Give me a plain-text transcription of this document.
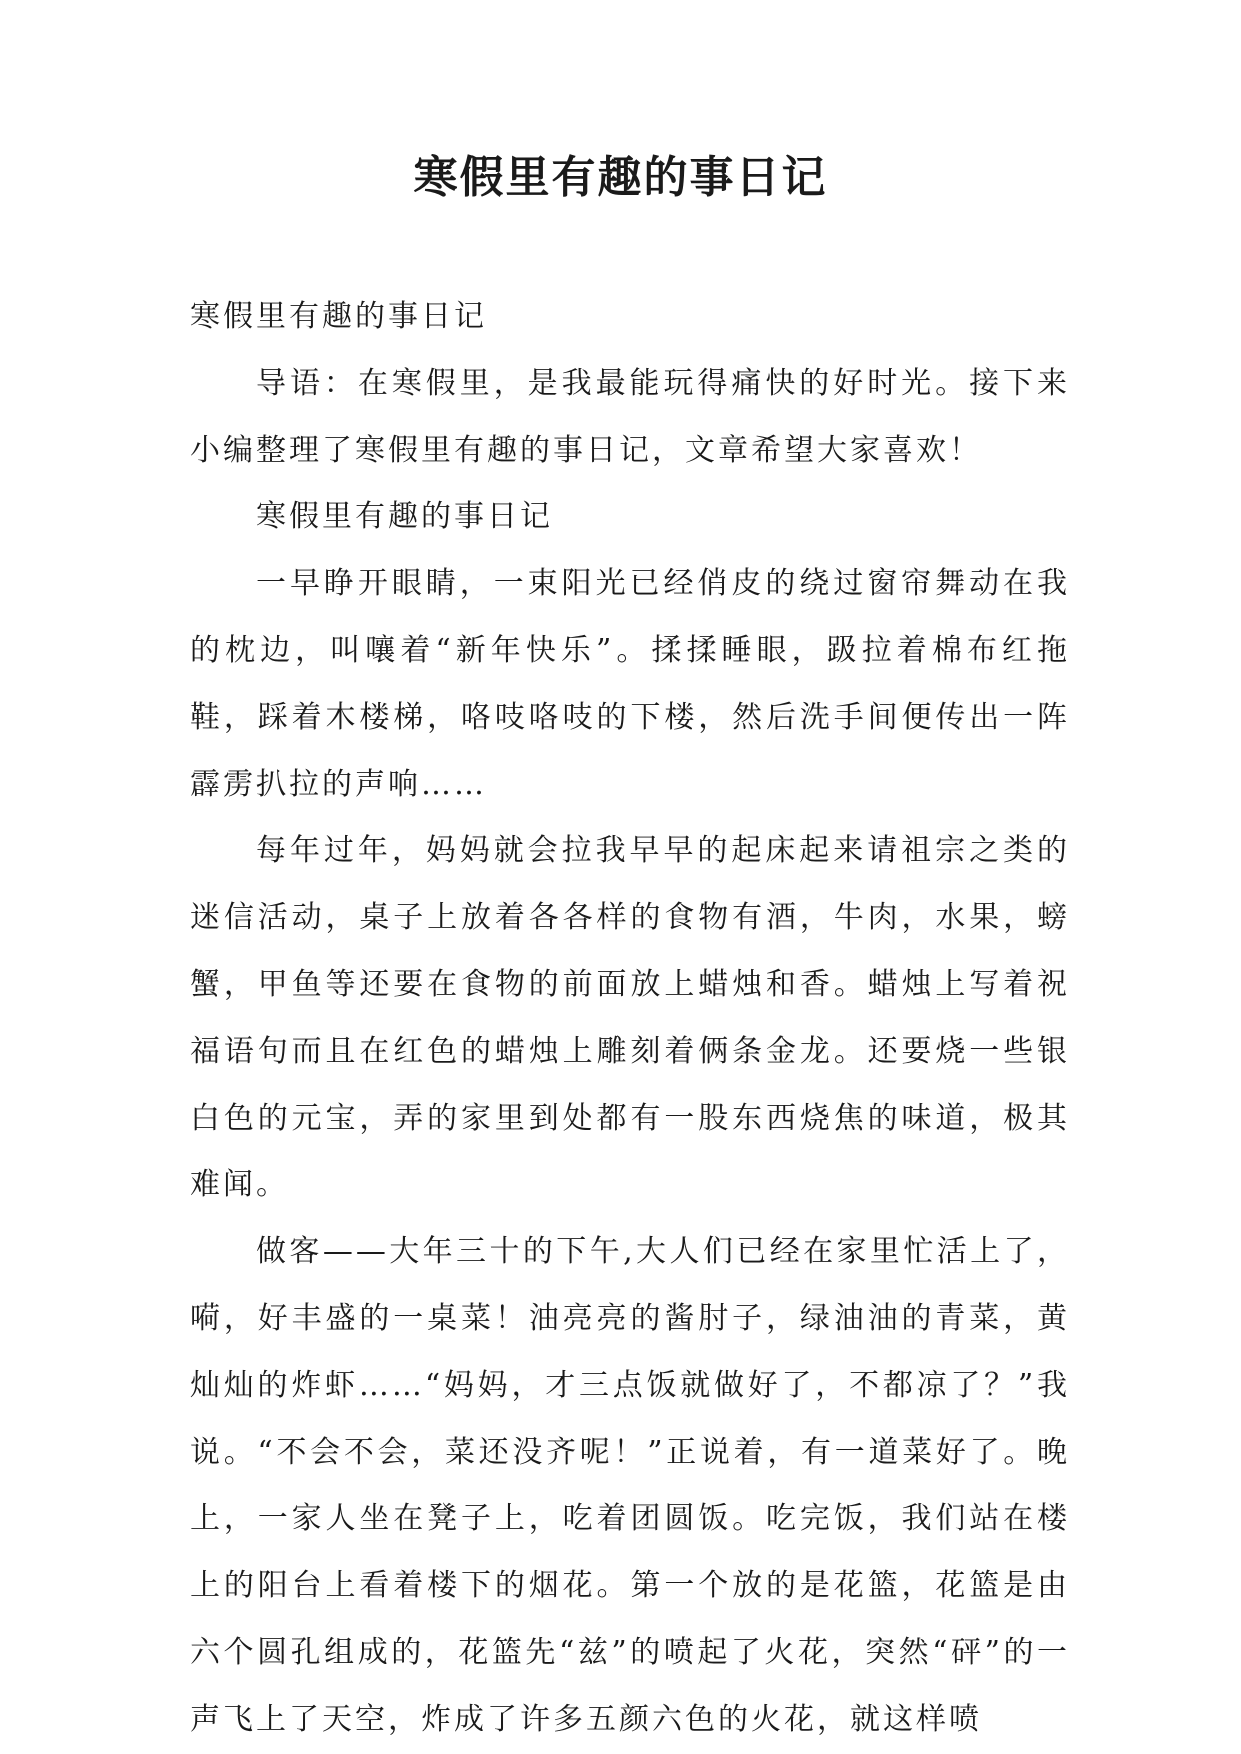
寒假里有趣的事日记

寒假里有趣的事日记

导语：在寒假里，是我最能玩得痛快的好时光。接下来小编整理了寒假里有趣的事日记，文章希望大家喜欢！

寒假里有趣的事日记

一早睁开眼睛，一束阳光已经俏皮的绕过窗帘舞动在我的枕边，叫嚷着“新年快乐”。揉揉睡眼，趿拉着棉布红拖鞋，踩着木楼梯，咯吱咯吱的下楼，然后洗手间便传出一阵霹雳扒拉的声响……

每年过年，妈妈就会拉我早早的起床起来请祖宗之类的迷信活动，桌子上放着各各样的食物有酒，牛肉，水果，螃蟹，甲鱼等还要在食物的前面放上蜡烛和香。蜡烛上写着祝福语句而且在红色的蜡烛上雕刻着俩条金龙。还要烧一些银白色的元宝，弄的家里到处都有一股东西烧焦的味道，极其难闻。

做客——大年三十的下午,大人们已经在家里忙活上了，嗬，好丰盛的一桌菜！油亮亮的酱肘子，绿油油的青菜，黄灿灿的炸虾……“妈妈，才三点饭就做好了，不都凉了？”我说。“不会不会，菜还没齐呢！”正说着，有一道菜好了。晚上，一家人坐在凳子上，吃着团圆饭。吃完饭，我们站在楼上的阳台上看着楼下的烟花。第一个放的是花篮，花篮是由六个圆孔组成的，花篮先“兹”的喷起了火花，突然“砰”的一声飞上了天空，炸成了许多五颜六色的火花，就这样喷
